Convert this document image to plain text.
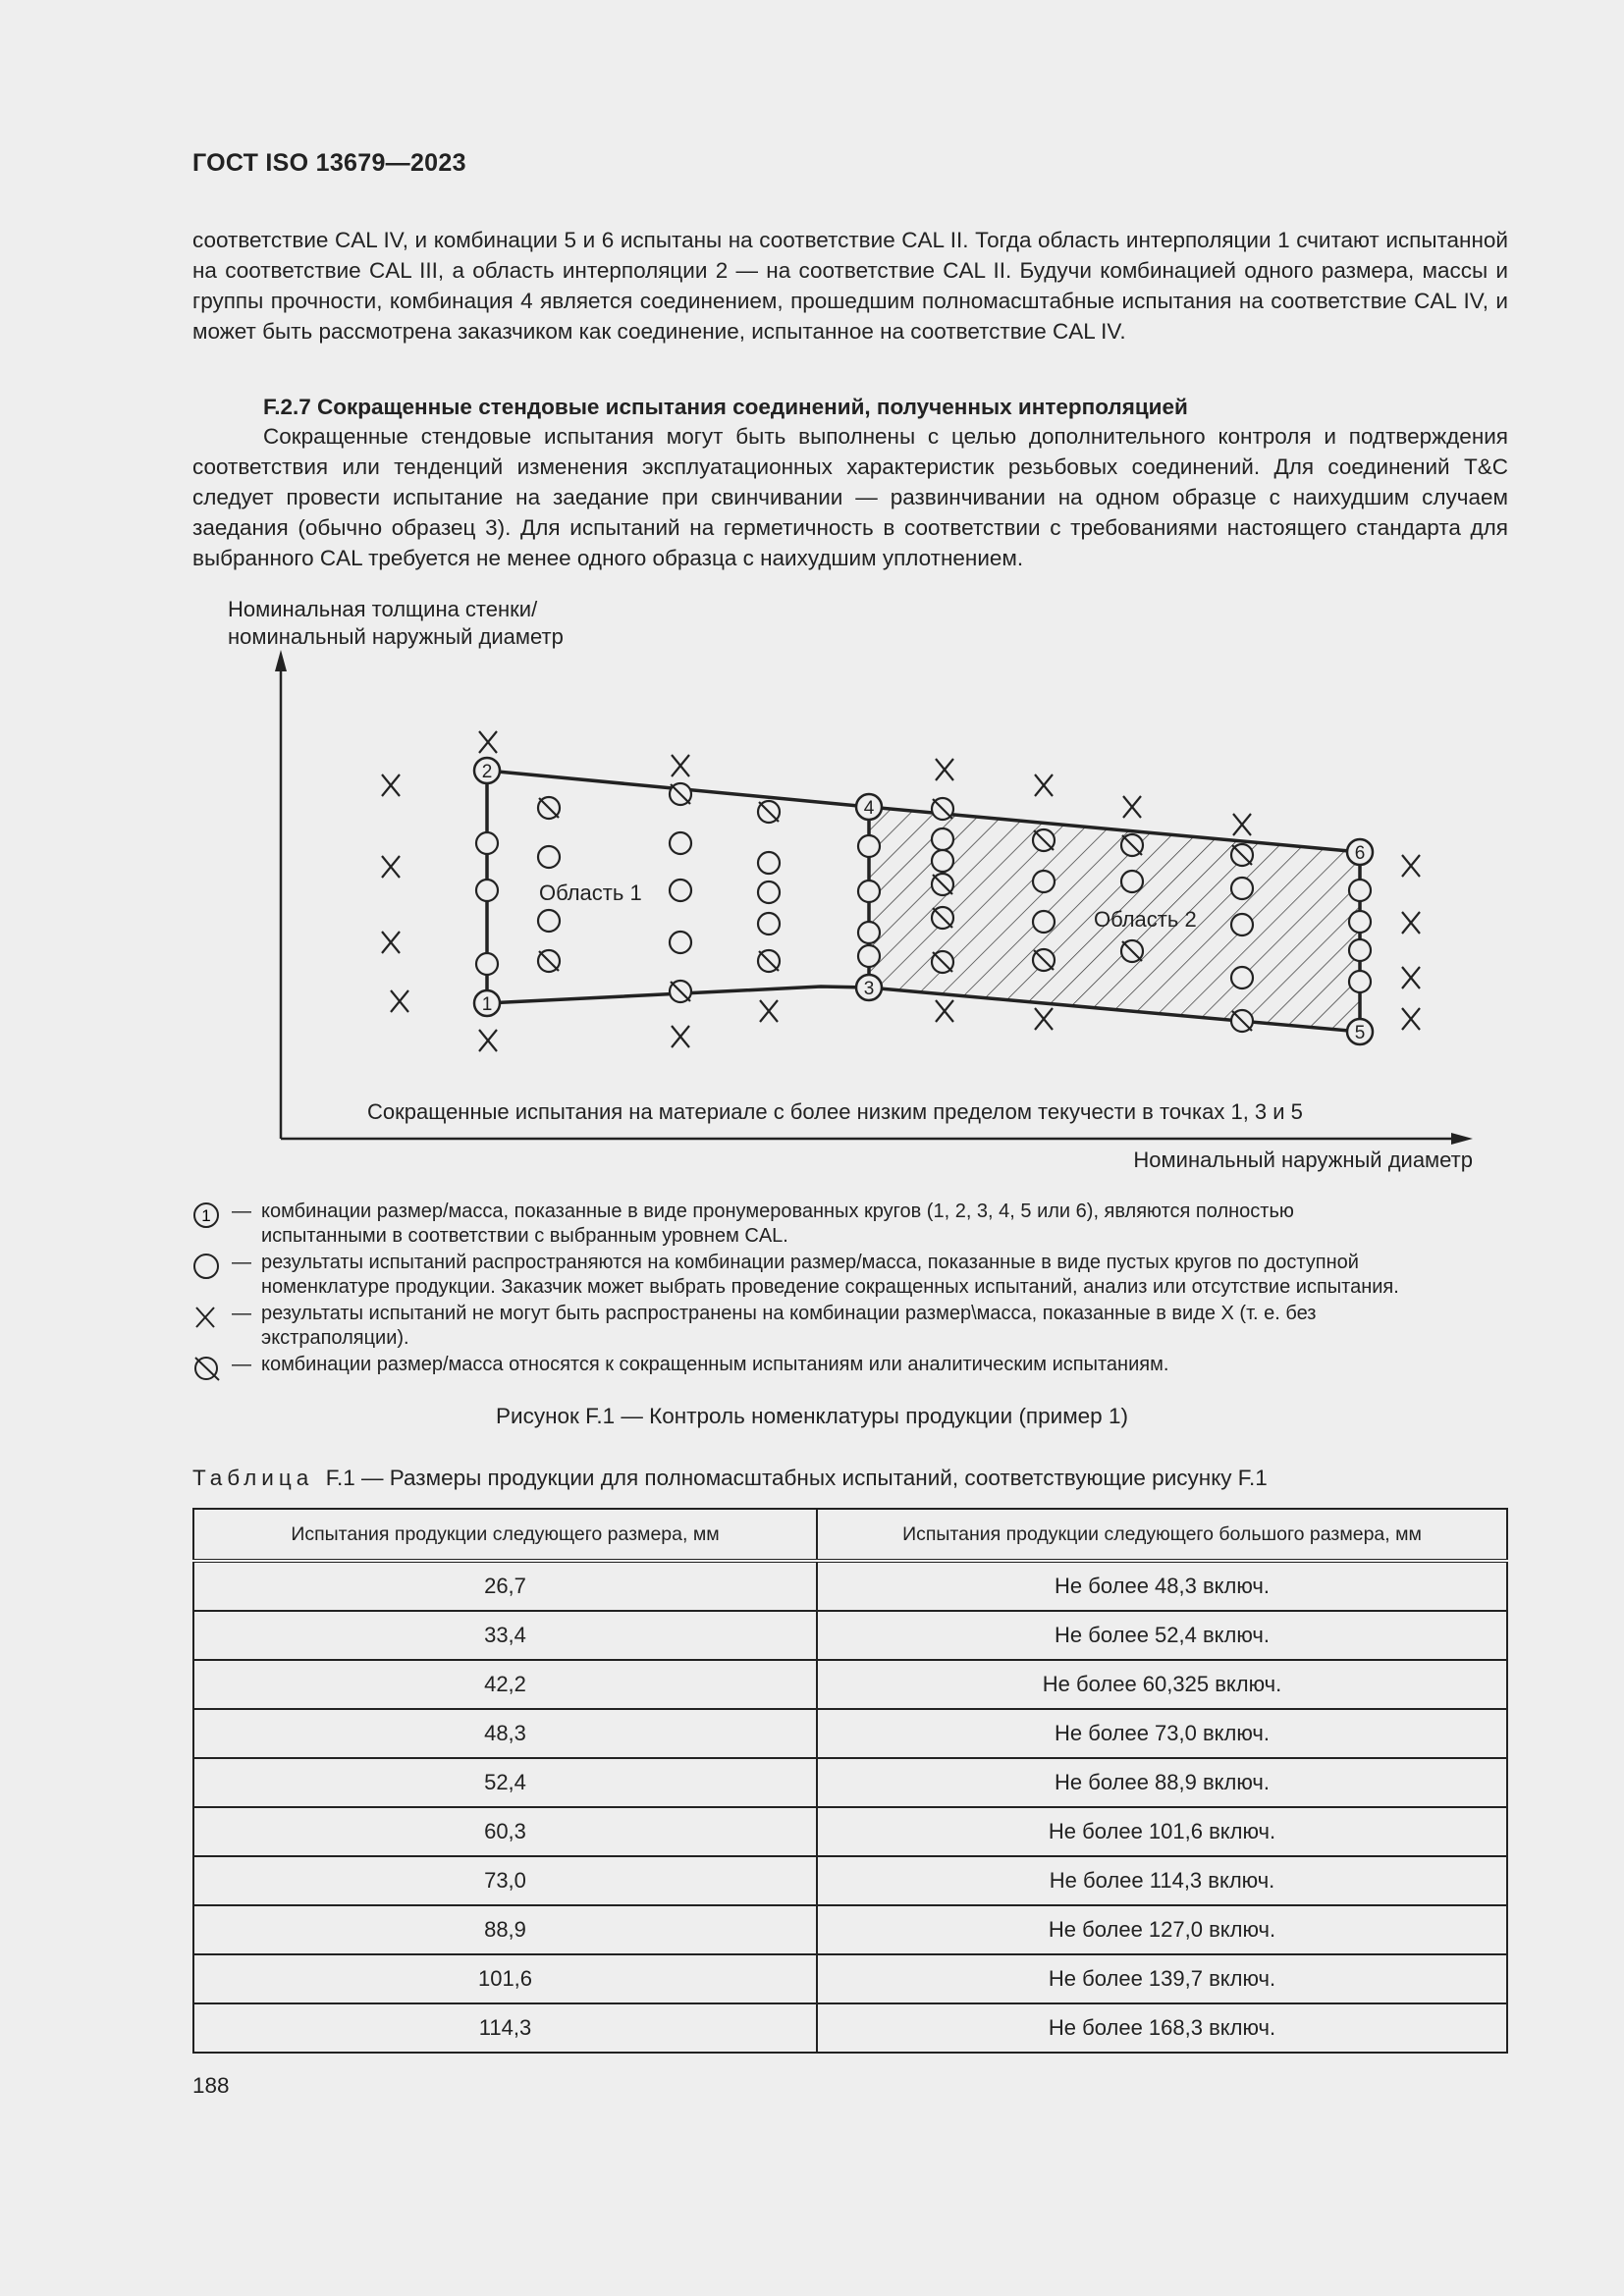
ГОСТ ISO 13679—2023

соответствие CAL IV, и комбинации 5 и 6 испытаны на соответствие CAL II. Тогда область интерполяции 1 считают испытанной на соответствие CAL III, а область интерполяции 2 — на соответствие CAL II. Будучи комбинацией одного размера, массы и группы прочности, комбинация 4 является соединением, прошедшим полномасштабные испытания на соответствие CAL IV, и может быть рассмотрена заказчиком как соединение, испытанное на соответствие CAL IV.

F.2.7 Сокращенные стендовые испытания соединений, полученных интерполяцией

Сокращенные стендовые испытания могут быть выполнены с целью дополнительного контроля и подтверждения соответствия или тенденций изменения эксплуатационных характеристик резьбовых соединений. Для соединений T&C следует провести испытание на заедание при свинчивании — развинчивании на одном образце с наихудшим случаем заедания (обычно образец 3). Для испытаний на герметичность в соответствии с требованиями настоящего стандарта для выбранного CAL требуется не менее одного образца с наихудшим уплотнением.

Номинальная толщина стенки/
номинальный наружный диаметр
Номинальный наружный диаметр
Область 1
Область 2
Сокращенные испытания на материале с более низким пределом текучести в точках 1, 3 и 5
2
1
4
3
6
5
1 — комбинации размер/масса, показанные в виде пронумерованных кругов (1, 2, 3, 4, 5 или 6), являются полностью
испытанными в соответствии с выбранным уровнем CAL.
— результаты испытаний распространяются на комбинации размер/масса, показанные в виде пустых кругов по доступной
номенклатуре продукции. Заказчик может выбрать проведение сокращенных испытаний, анализ или отсутствие испытания.
— результаты испытаний не могут быть распространены на комбинации размер\масса, показанные в виде X (т. е. без
экстраполяции).
— комбинации размер/масса относятся к сокращенным испытаниям или аналитическим испытаниям.
Рисунок F.1 — Контроль номенклатуры продукции (пример 1)
Таблица F.1 — Размеры продукции для полномасштабных испытаний, соответствующие рисунку F.1
Испытания продукции следующего размера, мм	Испытания продукции следующего большого размера, мм
26,7	Не более 48,3 включ.
33,4	Не более 52,4 включ.
42,2	Не более 60,325 включ.
48,3	Не более 73,0 включ.
52,4	Не более 88,9 включ.
60,3	Не более 101,6 включ.
73,0	Не более 114,3 включ.
88,9	Не более 127,0 включ.
101,6	Не более 139,7 включ.
114,3	Не более 168,3 включ.
188
